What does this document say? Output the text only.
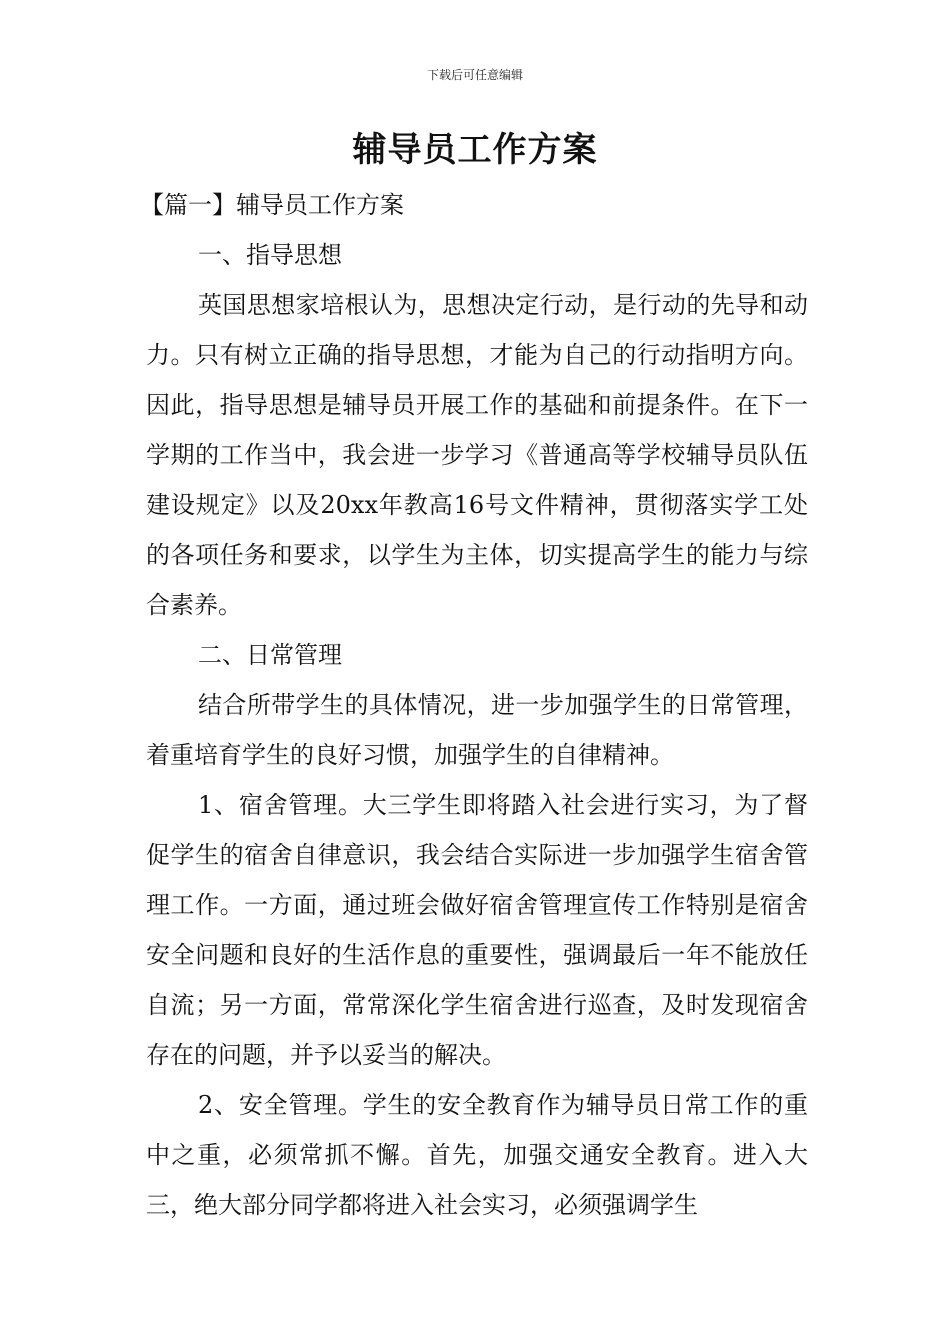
下载后可任意编辑
辅导员工作方案

【篇一】辅导员工作方案

一、指导思想

英国思想家培根认为，思想决定行动，是行动的先导和动力。只有树立正确的指导思想，才能为自己的行动指明方向。因此，指导思想是辅导员开展工作的基础和前提条件。在下一学期的工作当中，我会进一步学习《普通高等学校辅导员队伍建设规定》以及20xx年教高16号文件精神，贯彻落实学工处的各项任务和要求，以学生为主体，切实提高学生的能力与综合素养。

二、日常管理

结合所带学生的具体情况，进一步加强学生的日常管理，着重培育学生的良好习惯，加强学生的自律精神。

1、宿舍管理。大三学生即将踏入社会进行实习，为了督促学生的宿舍自律意识，我会结合实际进一步加强学生宿舍管理工作。一方面，通过班会做好宿舍管理宣传工作特别是宿舍安全问题和良好的生活作息的重要性，强调最后一年不能放任自流；另一方面，常常深化学生宿舍进行巡查，及时发现宿舍存在的问题，并予以妥当的解决。

2、安全管理。学生的安全教育作为辅导员日常工作的重中之重，必须常抓不懈。首先，加强交通安全教育。进入大三，绝大部分同学都将进入社会实习，必须强调学生
